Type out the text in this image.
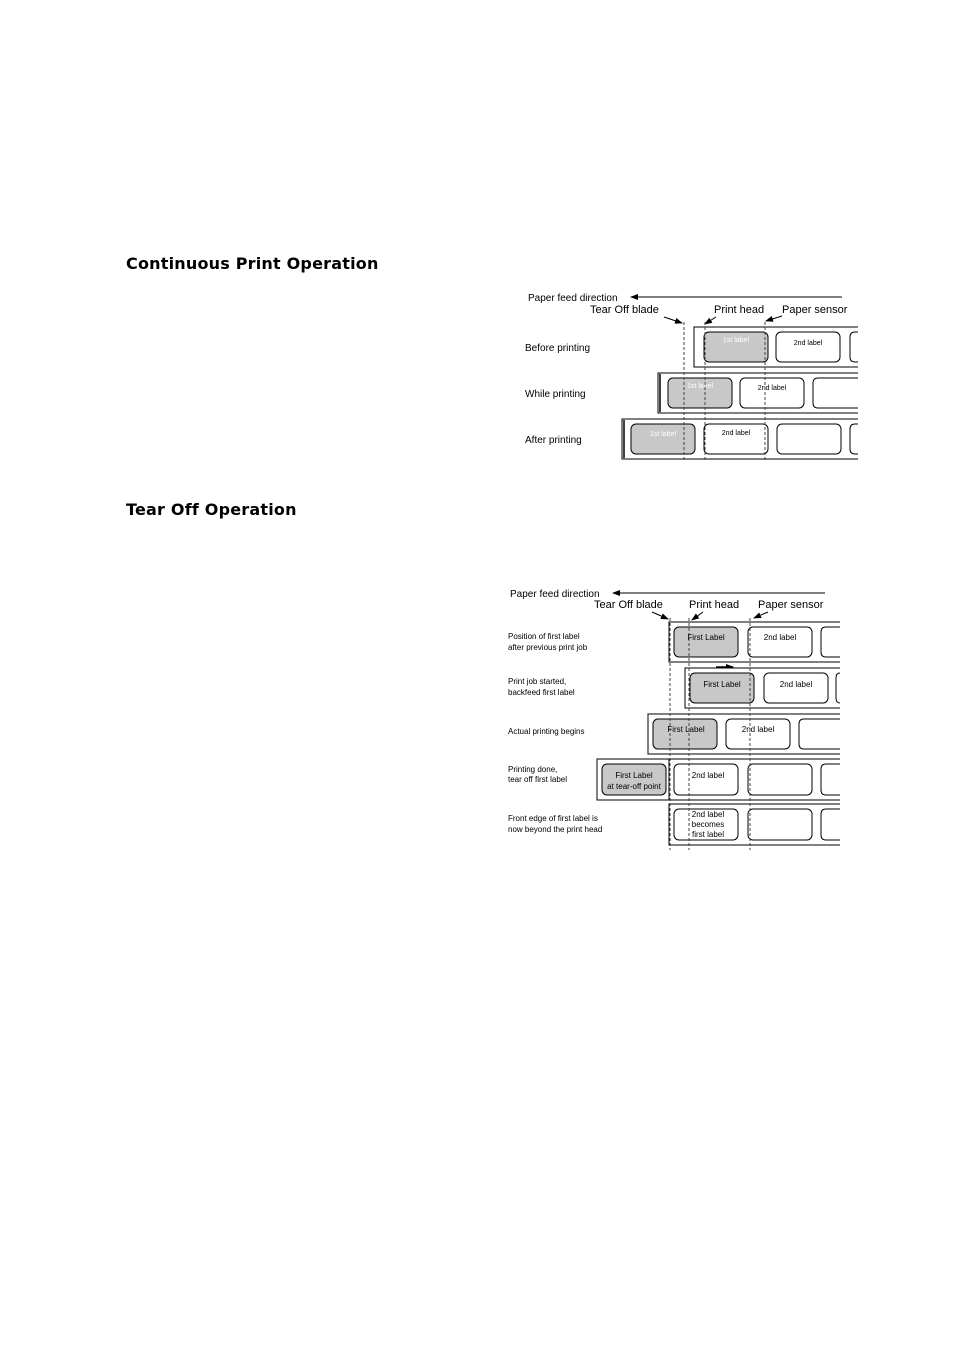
Continuous Print Operation
Tear Off Operation
Paper feed direction
Tear Off blade	Print head Paper sensor
Before printing
1st label	2nd label
While printing
1st label	2nd label
After printing
1st label	2nd label
Paper feed direction
Tear Off blade Print head Paper sensor
Position of first label
after previous print job
First Label	2nd label
Print job started,
backfeed first label
First Label	2nd label
Actual printing begins	First Label	2nd label
Printing done,
tear off first label	First Label
at tear-off point
2nd label
Front edge of first label is
now beyond the print head
2nd label
becomes
first label
